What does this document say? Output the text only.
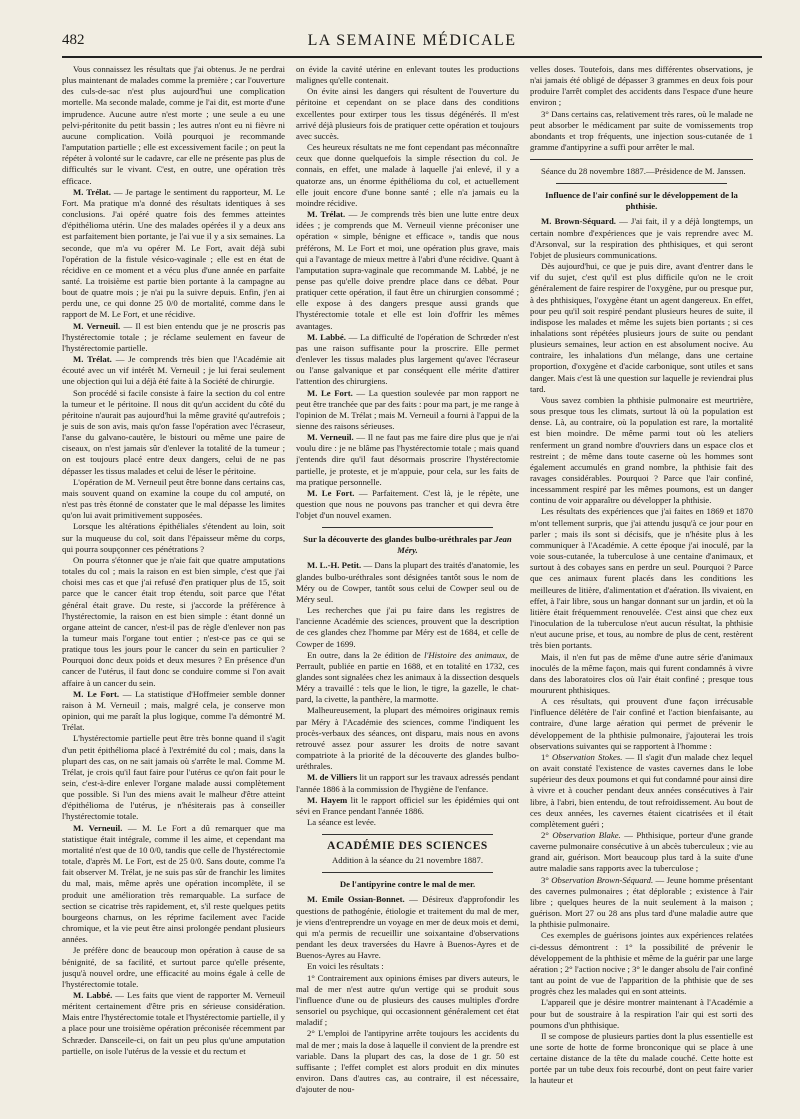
482	LA SEMAINE MÉDICALE

Vous connaissez les résultats que j'ai obtenus. Je ne perdrai plus maintenant de malades comme la première ; car l'ouverture des culs-de-sac n'est plus aujourd'hui une complication mortelle. Ma seconde malade, comme je l'ai dit, est morte d'une imprudence. Aucune autre n'est morte ; une seule a eu une pelvi-péritonite du petit bassin ; les autres n'ont eu ni fièvre ni aucune complication. Voilà pourquoi je recommande l'amputation partielle ; elle est excessivement facile ; on peut la répéter à volonté sur le cadavre, car elle ne présente pas plus de difficultés sur le vivant. C'est, en outre, une opération très efficace.

M. Trélat. — Je partage le sentiment du rapporteur, M. Le Fort. Ma pratique m'a donné des résultats identiques à ses conclusions. J'ai opéré quatre fois des femmes atteintes d'épithélioma utérin. Une des malades opérées il y a deux ans est parfaitement bien portante, je l'ai vue il y a six semaines. La seconde, que m'a vu opérer M. Le Fort, avait déjà subi l'opération de la fistule vésico-vaginale ; elle est en état de récidive en ce moment et a vécu plus d'une année en parfaite santé. La troisième est partie bien portante à la campagne au bout de quatre mois ; je n'ai pu la suivre depuis. Enfin, j'en ai perdu une, ce qui donne 25 0/0 de mortalité, comme dans le rapport de M. Le Fort, et une récidive.

M. Verneuil. — Il est bien entendu que je ne proscris pas l'hystérectomie totale ; je réclame seulement en faveur de l'hystérectomie partielle.

M. Trélat. — Je comprends très bien que l'Académie ait écouté avec un vif intérêt M. Verneuil ; je lui ferai seulement une objection qui lui a déjà été faite à la Société de chirurgie.

Son procédé si facile consiste à faire la section du col entre la tumeur et le péritoine. Il nous dit qu'un accident du côté du péritoine n'aurait pas aujourd'hui la même gravité qu'autrefois ; je suis de son avis, mais qu'on fasse l'opération avec l'écraseur, l'anse du galvano-cautère, le bistouri ou même une paire de ciseaux, on n'est jamais sûr d'enlever la totalité de la tumeur ; on est toujours placé entre deux dangers, celui de ne pas dépasser les tissus malades et celui de léser le péritoine.

L'opération de M. Verneuil peut être bonne dans certains cas, mais souvent quand on examine la coupe du col amputé, on n'est pas très étonné de constater que le mal dépasse les limites qu'on lui avait primitivement supposées.

Lorsque les altérations épithéliales s'étendent au loin, soit sur la muqueuse du col, soit dans l'épaisseur même du corps, qui pourra soupçonner ces pénétrations ?

On pourra s'étonner que je n'aie fait que quatre amputations totales du col ; mais la raison en est bien simple, c'est que j'ai choisi mes cas et que j'ai refusé d'en pratiquer plus de 15, soit parce que le cancer était trop étendu, soit parce que l'état général était grave. Du reste, si j'accorde la préférence à l'hystérectomie, la raison en est bien simple : étant donné un organe atteint de cancer, n'est-il pas de règle d'enlever non pas la tumeur mais l'organe tout entier ; n'est-ce pas ce qui se pratique tous les jours pour le cancer du sein en particulier ? Pourquoi donc deux poids et deux mesures ? En présence d'un cancer de l'utérus, il faut donc se conduire comme si l'on avait affaire à un cancer du sein.

M. Le Fort. — La statistique d'Hoffmeier semble donner raison à M. Verneuil ; mais, malgré cela, je conserve mon opinion, qui me paraît la plus logique, comme l'a démontré M. Trélat.

L'hystérectomie partielle peut être très bonne quand il s'agit d'un petit épithélioma placé à l'extrémité du col ; mais, dans la plupart des cas, on ne sait jamais où s'arrête le mal. Comme M. Trélat, je crois qu'il faut faire pour l'utérus ce qu'on fait pour le sein, c'est-à-dire enlever l'organe malade aussi complètement que possible. Si l'un des miens avait le malheur d'être atteint d'épithélioma de l'utérus, je n'hésiterais pas à conseiller l'hystérectomie totale.

M. Verneuil. — M. Le Fort a dû remarquer que ma statistique était intégrale, comme il les aime, et cependant ma mortalité n'est que de 10 0/0, tandis que celle de l'hystérectomie totale, d'après M. Le Fort, est de 25 0/0. Sans doute, comme l'a fait observer M. Trélat, je ne suis pas sûr de franchir les limites du mal, mais, même après une opération incomplète, il se produit une amélioration très remarquable. La surface de section se cicatrise très rapidement, et, s'il reste quelques petits bourgeons charnus, on les réprime facilement avec l'acide chromique, et la vie peut être ainsi prolongée pendant plusieurs années.

Je préfère donc de beaucoup mon opération à cause de sa bénignité, de sa facilité, et surtout parce qu'elle présente, jusqu'à nouvel ordre, une efficacité au moins égale à celle de l'hystérectomie totale.

M. Labbé. — Les faits que vient de rapporter M. Verneuil méritent certainement d'être pris en sérieuse considération. Mais entre l'hystérectomie totale et l'hystérectomie partielle, il y a place pour une troisième opération préconisée récemment par Schræder. Dansceile-ci, on fait un peu plus qu'une amputation partielle, on isole l'utérus de la vessie et du rectum et

on évide la cavité utérine en enlevant toutes les productions malignes qu'elle contenait.

On évite ainsi les dangers qui résultent de l'ouverture du péritoine et cependant on se place dans des conditions excellentes pour extirper tous les tissus dégénérés. Il m'est arrivé déjà plusieurs fois de pratiquer cette opération et toujours avec succès.

Ces heureux résultats ne me font cependant pas méconnaître ceux que donne quelquefois la simple résection du col. Je connais, en effet, une malade à laquelle j'ai enlevé, il y a quatorze ans, un énorme épithélioma du col, et actuellement elle jouit encore d'une bonne santé ; elle n'a jamais eu la moindre récidive.

M. Trélat. — Je comprends très bien une lutte entre deux idées ; je comprends que M. Verneuil vienne préconiser une opération « simple, bénigne et efficace », tandis que nous préférons, M. Le Fort et moi, une opération plus grave, mais qui a l'avantage de mieux mettre à l'abri d'une récidive. Quant à l'amputation supra-vaginale que recommande M. Labbé, je ne pense pas qu'elle doive prendre place dans ce débat. Pour pratiquer cette opération, il faut être un chirurgien consommé ; elle expose à des dangers presque aussi grands que l'hystérectomie totale et elle est loin d'offrir les mêmes avantages.

M. Labbé. — La difficulté de l'opération de Schrœder n'est pas une raison suffisante pour la proscrire. Elle permet d'enlever les tissus malades plus largement qu'avec l'écraseur ou l'anse galvanique et par conséquent elle mérite d'attirer l'attention des chirurgiens.

M. Le Fort. — La question soulevée par mon rapport ne peut être tranchée que par des faits : pour ma part, je me range à l'opinion de M. Trélat ; mais M. Verneuil a fourni à l'appui de la sienne des raisons sérieuses.

M. Verneuil. — Il ne faut pas me faire dire plus que je n'ai voulu dire : je ne blâme pas l'hystérectomie totale ; mais quand j'entends dire qu'il faut désormais proscrire l'hystérectomie partielle, je proteste, et je m'appuie, pour cela, sur les faits de ma pratique personnelle.

M. Le Fort. — Parfaitement. C'est là, je le répète, une question que nous ne pouvons pas trancher et qui devra être l'objet d'un nouvel examen.

Sur la découverte des glandes bulbo-uréthrales par Jean Méry.

M. L.-H. Petit. — Dans la plupart des traités d'anatomie, les glandes bulbo-uréthrales sont désignées tantôt sous le nom de Méry ou de Cowper, tantôt sous celui de Cowper seul ou de Méry seul.

Les recherches que j'ai pu faire dans les registres de l'ancienne Académie des sciences, prouvent que la description de ces glandes chez l'homme par Méry est de 1684, et celle de Cowper de 1699.

En outre, dans la 2e édition de l'Histoire des animaux, de Perrault, publiée en partie en 1688, et en totalité en 1732, ces glandes sont signalées chez les animaux à la dissection desquels Méry a travaillé : tels que le lion, le tigre, la gazelle, le chat-pard, la civette, la panthère, la marmotte.

Malheureusement, la plupart des mémoires originaux remis par Méry à l'Académie des sciences, comme l'indiquent les procès-verbaux des séances, ont disparu, mais nous en avons retrouvé assez pour assurer les droits de notre savant compatriote à la priorité de la découverte des glandes bulbo-uréthrales.

M. de Villiers lit un rapport sur les travaux adressés pendant l'année 1886 à la commission de l'hygiène de l'enfance.

M. Hayem lit le rapport officiel sur les épidémies qui ont sévi en France pendant l'année 1886.

La séance est levée.

ACADÉMIE DES SCIENCES
Addition à la séance du 21 novembre 1887.
De l'antipyrine contre le mal de mer.

M. Emile Ossian-Bonnet. — Désireux d'approfondir les questions de pathogénie, étiologie et traitement du mal de mer, je viens d'entreprendre un voyage en mer de deux mois et demi, qui m'a permis de recueillir une soixantaine d'observations pendant les deux traversées du Havre à Buenos-Ayres et de Buenos-Ayres au Havre.

En voici les résultats :

1° Contrairement aux opinions émises par divers auteurs, le mal de mer n'est autre qu'un vertige qui se produit sous l'influence d'une ou de plusieurs des causes multiples d'ordre sensoriel ou psychique, qui occasionnent généralement cet état maladif ;

2° L'emploi de l'antipyrine arrête toujours les accidents du mal de mer ; mais la dose à laquelle il convient de la prendre est variable. Dans la plupart des cas, la dose de 1 gr. 50 est suffisante ; l'effet complet est alors produit en dix minutes environ. Dans d'autres cas, au contraire, il est nécessaire, d'ajouter de nou-

velles doses. Toutefois, dans mes différentes observations, je n'ai jamais été obligé de dépasser 3 grammes en deux fois pour produire l'arrêt complet des accidents dans l'espace d'une heure environ ;

3° Dans certains cas, relativement très rares, où le malade ne peut absorber le médicament par suite de vomissements trop abondants et trop fréquents, une injection sous-cutanée de 1 gramme d'antipyrine a suffi pour arrêter le mal.

Séance du 28 novembre 1887.—Présidence de M. Janssen.

Influence de l'air confiné sur le développement de la phthisie.

M. Brown-Séquard. — J'ai fait, il y a déjà longtemps, un certain nombre d'expériences que je vais reprendre avec M. d'Arsonval, sur la respiration des phthisiques, et qui seront l'objet de plusieurs communications.

Dès aujourd'hui, ce que je puis dire, avant d'entrer dans le vif du sujet, c'est qu'il est plus difficile qu'on ne le croit généralement de faire respirer de l'oxygène, pur ou presque pur, à des phthisiques, l'oxygène étant un agent dangereux. En effet, pour peu qu'il soit respiré pendant plusieurs heures de suite, il indispose les malades et même les sujets bien portants ; si ces inhalations sont répétées plusieurs jours de suite ou pendant plusieurs semaines, leur action en est absolument nocive. Au contraire, les inhalations d'un mélange, dans une certaine proportion, d'oxygène et d'acide carbonique, sont utiles et sans danger. Mais c'est là une question sur laquelle je reviendrai plus tard.

Vous savez combien la phthisie pulmonaire est meurtrière, sous presque tous les climats, surtout là où la population est dense. Là, au contraire, où la population est rare, la mortalité est bien moindre. De même parmi tout où les ateliers renferment un grand nombre d'ouvriers dans un espace clos et restreint ; de même dans toute caserne où les hommes sont également accumulés en grand nombre, la phthisie fait des ravages considérables. Pourquoi ? Parce que l'air confiné, incessamment respiré par les mêmes poumons, est un danger continu de voir apparaître ou développer la phthisie.

Les résultats des expériences que j'ai faites en 1869 et 1870 m'ont tellement surpris, que j'ai attendu jusqu'à ce jour pour en parler ; mais ils sont si décisifs, que je n'hésite plus à les communiquer à l'Académie. A cette époque j'ai inoculé, par la voie sous-cutanée, la tuberculose à une centaine d'animaux, et surtout à des cobayes sans en perdre un seul. Pourquoi ? Parce que ces animaux furent placés dans les conditions les meilleures de litière, d'alimentation et d'aération. Ils vivaient, en effet, à l'air libre, sous un hangar donnant sur un jardin, et où la litière était fréquemment renouvelée. C'est ainsi que chez eux l'inoculation de la tuberculose n'eut aucun résultat, la phthisie n'eut aucune prise, et tous, au nombre de plus de cent, restèrent très bien portants.

Mais, il n'en fut pas de même d'une autre série d'animaux inoculés de la même façon, mais qui furent condamnés à vivre dans des laboratoires clos où l'air était confiné ; presque tous moururent phthisiques.

A ces résultats, qui prouvent d'une façon irrécusable l'influence délétère de l'air confiné et l'action bienfaisante, au contraire, d'une large aération qui permet de prévenir le développement de la phthisie pulmonaire, j'ajouterai les trois observations suivantes qui se rapportent à l'homme :

1° Observation Stokes. — Il s'agit d'un malade chez lequel on avait constaté l'existence de vastes cavernes dans le lobe supérieur des deux poumons et qui fut condamné pour ainsi dire à vivre et à coucher pendant deux années consécutives à l'air libre, à l'abri, bien entendu, de tout refroidissement. Au bout de ces deux années, les cavernes étaient cicatrisées et il était complètement guéri ;

2° Observation Blake. — Phthisique, porteur d'une grande caverne pulmonaire consécutive à un abcès tuberculeux ; vie au grand air, guérison. Mort beaucoup plus tard à la suite d'une autre maladie sans rapports avec la tuberculose ;

3° Observation Brown-Séquard. — Jeune homme présentant des cavernes pulmonaires ; état déplorable ; existence à l'air libre ; quelques heures de la nuit seulement à la maison ; guérison. Mort 27 ou 28 ans plus tard d'une maladie autre que la phthisie pulmonaire.

Ces exemples de guérisons jointes aux expériences relatées ci-dessus démontrent : 1° la possibilité de prévenir le développement de la phthisie et même de la guérir par une large aération ; 2° l'action nocive ; 3° le danger absolu de l'air confiné tant au point de vue de l'apparition de la phthisie que de ses progrès chez les malades qui en sont atteints.

L'appareil que je désire montrer maintenant à l'Académie a pour but de soustraire à la respiration l'air qui est sorti des poumons d'un phthisique.

Il se compose de plusieurs parties dont la plus essentielle est une sorte de hotte de forme bronconique qui se place à une certaine distance de la tête du malade couché. Cette hotte est portée par un tube deux fois recourbé, dont on peut faire varier la hauteur et
